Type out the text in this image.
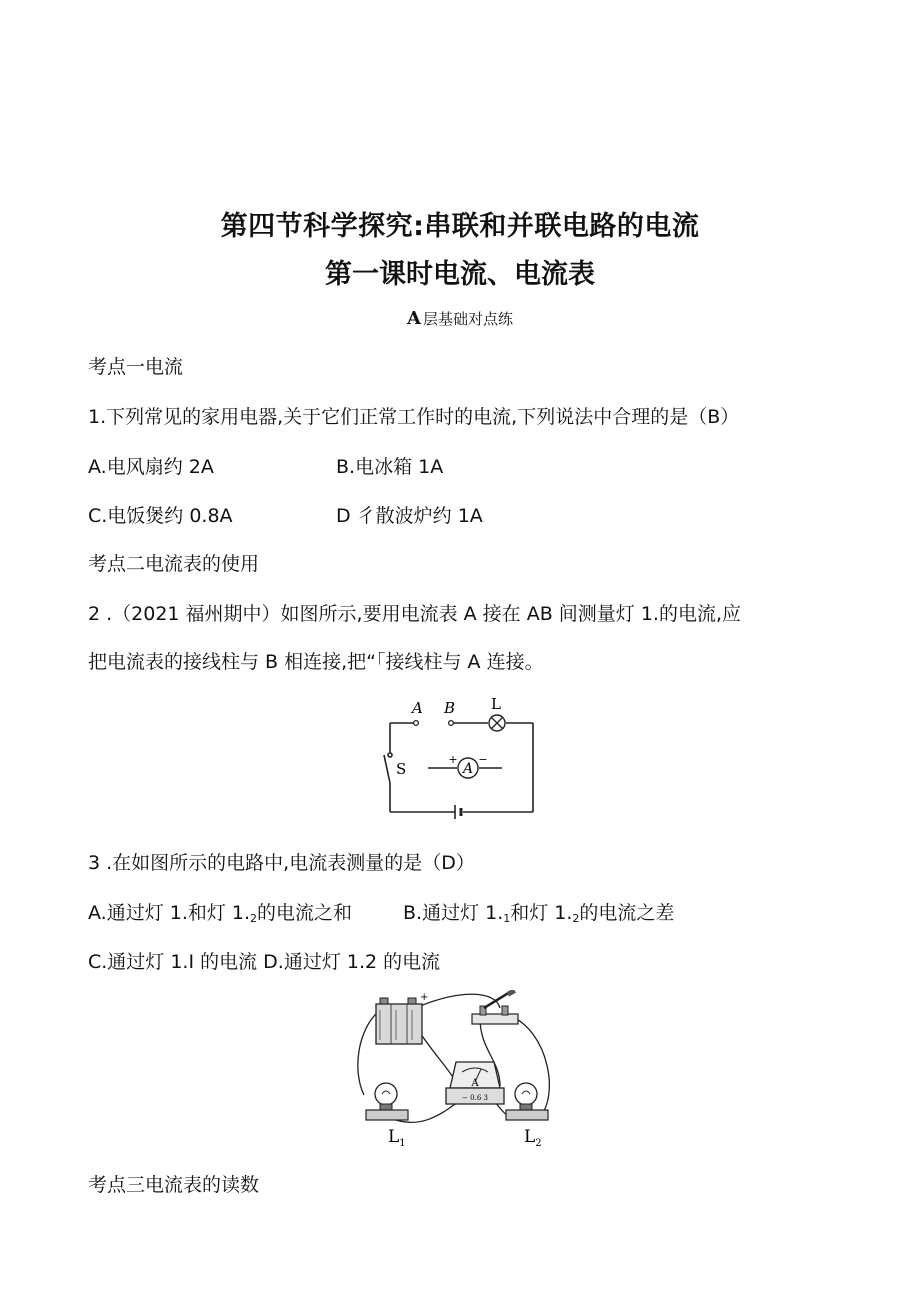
第四节科学探究:串联和并联电路的电流
第一课时电流、电流表
A 层基础对点练
考点一电流
1.下列常见的家用电器,关于它们正常工作时的电流,下列说法中合理的是（B）
A.电风扇约 2A	B.电冰箱 1A
C.电饭煲约 0.8A	D 彳散波炉约 1A
考点二电流表的使用
2 .（2021 福州期中）如图所示,要用电流表 A 接在 AB 间测量灯 1.的电流,应
把电流表的接线柱与 B 相连接,把“「接线柱与 A 连接。
A
+ −
A B L
S
3 .在如图所示的电路中,电流表测量的是（D）
A.通过灯 1.和灯 $1._2$的电流之和	B.通过灯 $1._1$和灯 $1._2$的电流之差
C.通过灯 1.I 的电流 D.通过灯 1.2 的电流
+
A
− 0.6 3
$L_1$	$L_2$
考点三电流表的读数
